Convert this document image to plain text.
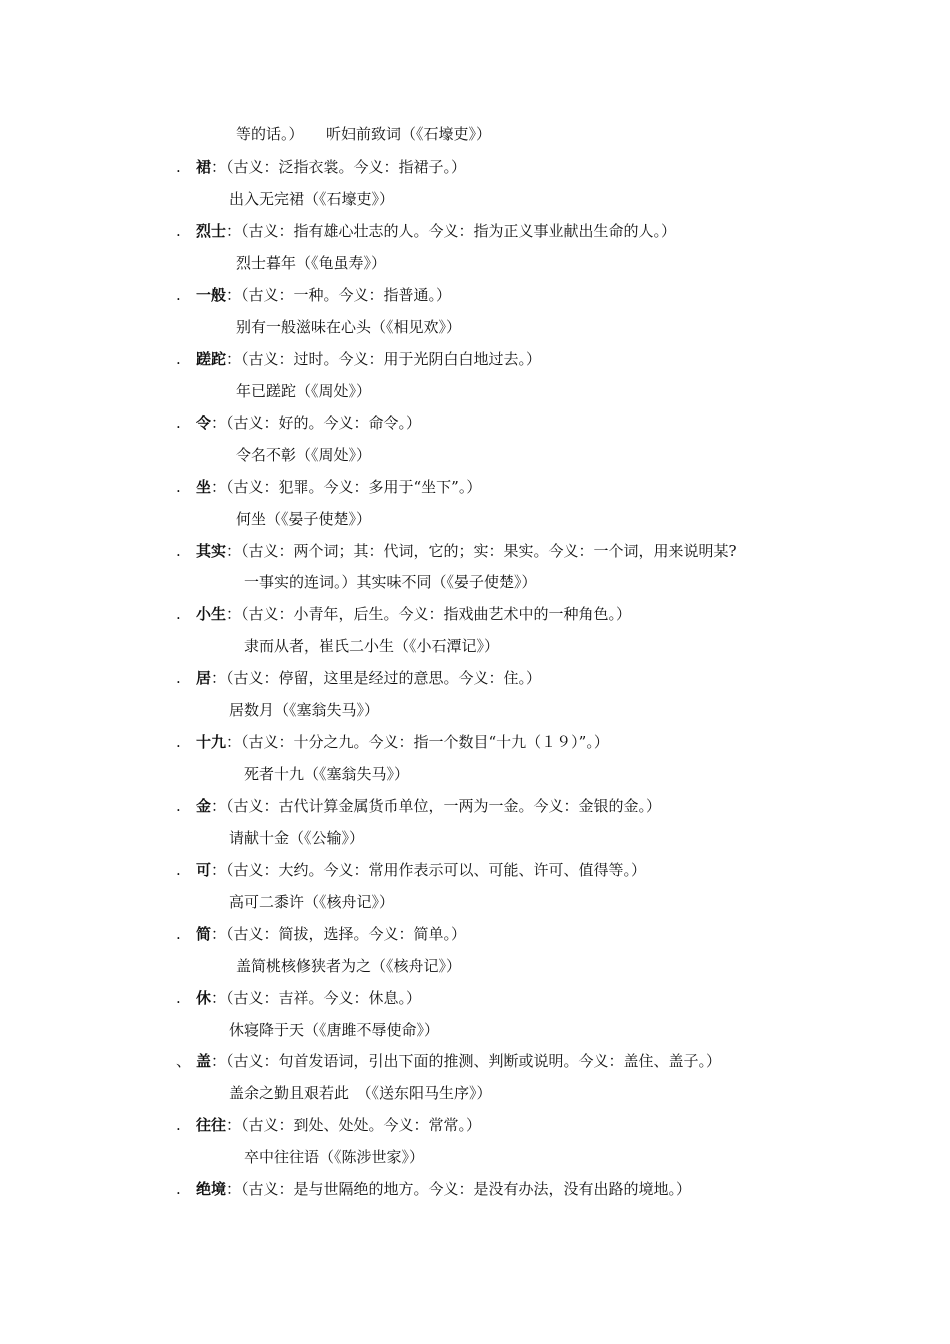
等的话。）　　听妇前致词（《石壕吏》）
. 裙：（古义：泛指衣裳。今义：指裙子。）
出入无完裙（《石壕吏》）
. 烈士：（古义：指有雄心壮志的人。今义：指为正义事业献出生命的人。）
烈士暮年（《龟虽寿》）
. 一般：（古义：一种。今义：指普通。）
别有一般滋味在心头（《相见欢》）
. 蹉跎：（古义：过时。今义：用于光阴白白地过去。）
年已蹉跎（《周处》）
. 令：（古义：好的。今义：命令。）
令名不彰（《周处》）
. 坐：（古义：犯罪。今义：多用于“坐下”。）
何坐（《晏子使楚》）
. 其实：（古义：两个词；其：代词，它的；实：果实。今义：一个词，用来说明某?
一事实的连词。）其实味不同（《晏子使楚》）
. 小生：（古义：小青年，后生。今义：指戏曲艺术中的一种角色。）
隶而从者，崔氏二小生（《小石潭记》）
. 居：（古义：停留，这里是经过的意思。今义：住。）
居数月（《塞翁失马》）
. 十九：（古义：十分之九。今义：指一个数目“十九（１９）”。）
死者十九（《塞翁失马》）
. 金：（古义：古代计算金属货币单位，一两为一金。今义：金银的金。）
请献十金（《公输》）
. 可：（古义：大约。今义：常用作表示可以、可能、许可、值得等。）
高可二黍许（《核舟记》）
. 简：（古义：简拔，选择。今义：简单。）
盖简桃核修狭者为之（《核舟记》）
. 休：（古义：吉祥。今义：休息。）
休寝降于天（《唐雎不辱使命》）
、 盖：（古义：句首发语词，引出下面的推测、判断或说明。今义：盖住、盖子。）
盖余之勤且艰若此　（《送东阳马生序》）
. 往往：（古义：到处、处处。今义：常常。）
卒中往往语（《陈涉世家》）
. 绝境：（古义：是与世隔绝的地方。今义：是没有办法，没有出路的境地。）
